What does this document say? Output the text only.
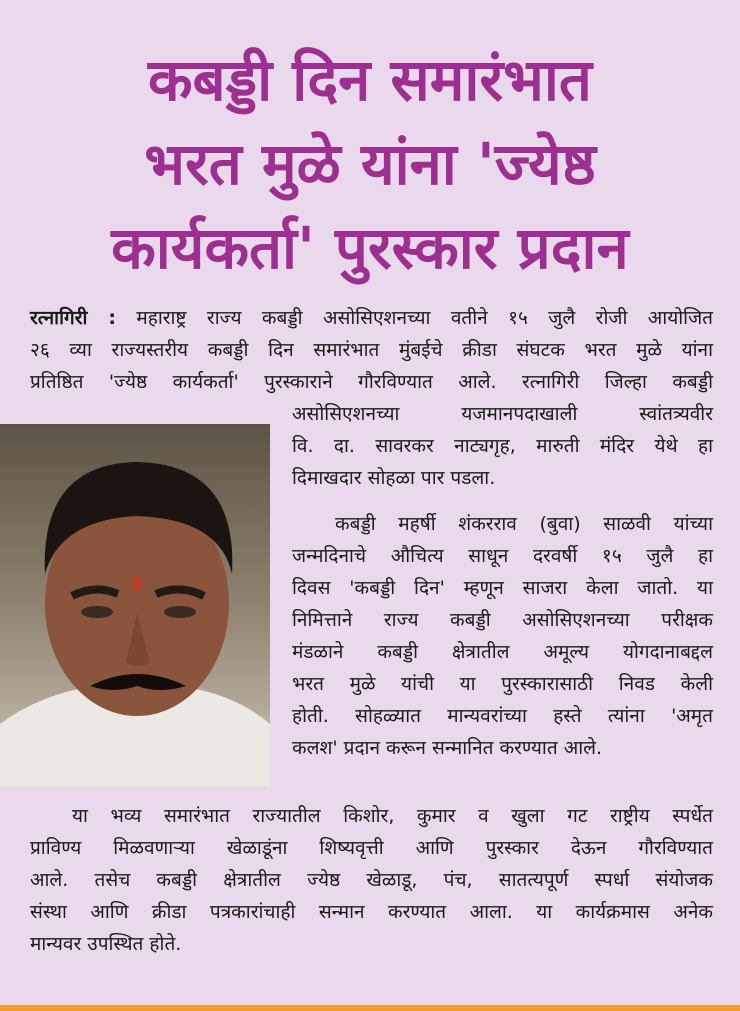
कबड्डी दिन समारंभात
भरत मुळे यांना 'ज्येष्ठ
कार्यकर्ता' पुरस्कार प्रदान
रत्नागिरी : महाराष्ट्र राज्य कबड्डी असोसिएशनच्या वतीने १५ जुलै रोजी आयोजित
२६ व्या राज्यस्तरीय कबड्डी दिन समारंभात मुंबईचे क्रीडा संघटक भरत मुळे यांना
प्रतिष्ठित 'ज्येष्ठ कार्यकर्ता' पुरस्काराने गौरविण्यात आले. रत्नागिरी जिल्हा कबड्डी
असोसिएशनच्या यजमानपदाखाली स्वांतत्र्यवीर
वि. दा. सावरकर नाट्यगृह, मारुती मंदिर येथे हा
दिमाखदार सोहळा पार पडला.
कबड्डी महर्षी शंकरराव (बुवा) साळवी यांच्या
जन्मदिनाचे औचित्य साधून दरवर्षी १५ जुलै हा
दिवस 'कबड्डी दिन' म्हणून साजरा केला जातो. या
निमित्ताने राज्य कबड्डी असोसिएशनच्या परीक्षक
मंडळाने कबड्डी क्षेत्रातील अमूल्य योगदानाबद्दल
भरत मुळे यांची या पुरस्कारासाठी निवड केली
होती. सोहळ्यात मान्यवरांच्या हस्ते त्यांना 'अमृत
कलश' प्रदान करून सन्मानित करण्यात आले.
या भव्य समारंभात राज्यातील किशोर, कुमार व खुला गट राष्ट्रीय स्पर्धेत
प्राविण्य मिळवणाऱ्या खेळाडूंना शिष्यवृत्ती आणि पुरस्कार देऊन गौरविण्यात
आले. तसेच कबड्डी क्षेत्रातील ज्येष्ठ खेळाडू, पंच, सातत्यपूर्ण स्पर्धा संयोजक
संस्था आणि क्रीडा पत्रकारांचाही सन्मान करण्यात आला. या कार्यक्रमास अनेक
मान्यवर उपस्थित होते.
